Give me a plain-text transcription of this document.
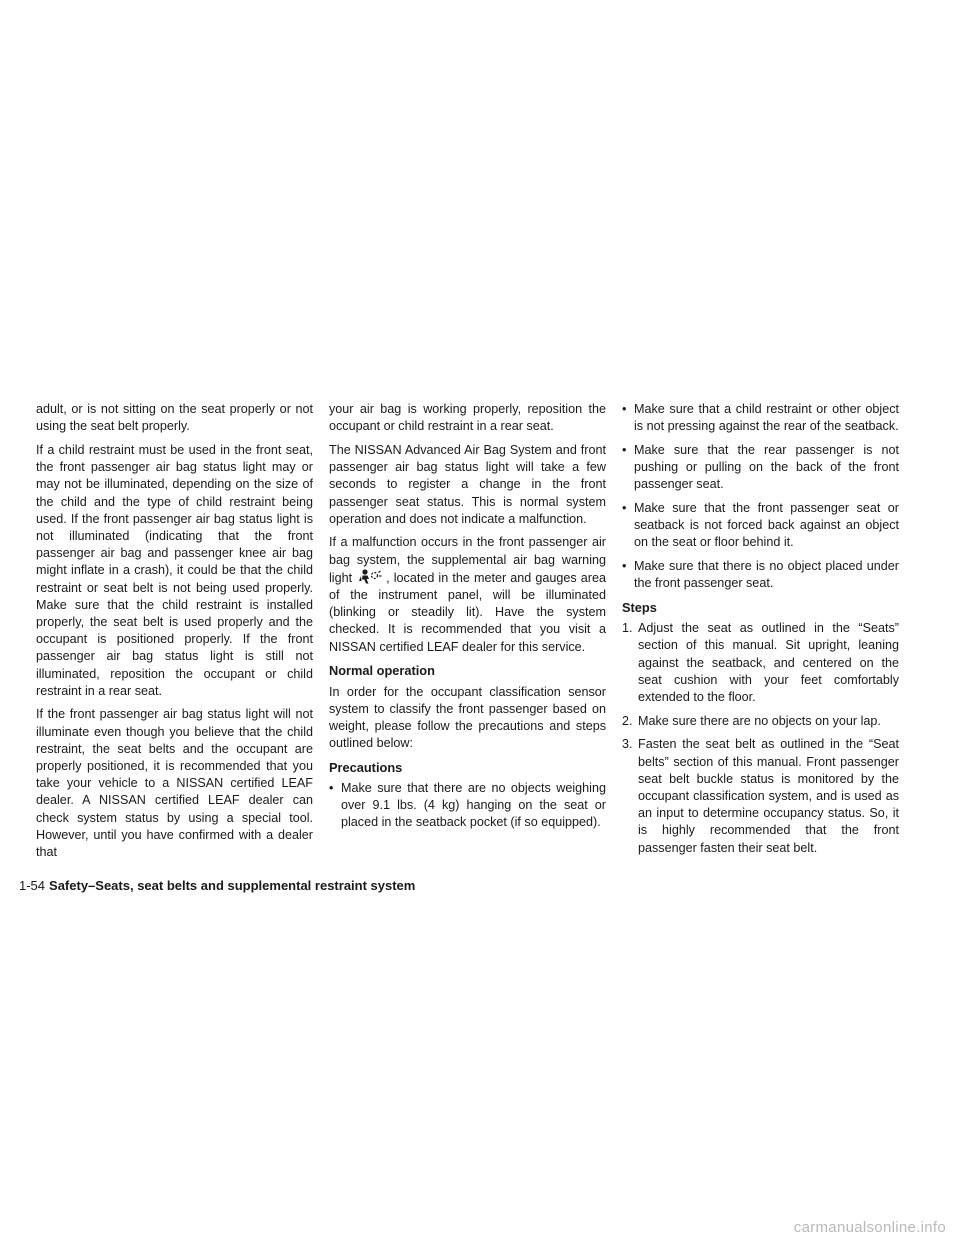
adult, or is not sitting on the seat properly or not using the seat belt properly.

If a child restraint must be used in the front seat, the front passenger air bag status light may or may not be illuminated, depending on the size of the child and the type of child restraint being used. If the front passenger air bag status light is not illuminated (indicating that the front passenger air bag and passenger knee air bag might inflate in a crash), it could be that the child restraint or seat belt is not being used properly. Make sure that the child restraint is installed properly, the seat belt is used properly and the occupant is positioned properly. If the front passenger air bag status light is still not illuminated, reposition the occupant or child restraint in a rear seat.

If the front passenger air bag status light will not illuminate even though you believe that the child restraint, the seat belts and the occupant are properly positioned, it is recommended that you take your vehicle to a NISSAN certified LEAF dealer. A NISSAN certified LEAF dealer can check system status by using a special tool. However, until you have confirmed with a dealer that

your air bag is working properly, reposition the occupant or child restraint in a rear seat.

The NISSAN Advanced Air Bag System and front passenger air bag status light will take a few seconds to register a change in the front passenger seat status. This is normal system operation and does not indicate a malfunction.

If a malfunction occurs in the front passenger air bag system, the supplemental air bag warning light	, located in the meter and gauges area of the instrument panel, will be illuminated (blinking or steadily lit). Have the system checked. It is recommended that you visit a NISSAN certified LEAF dealer for this service.

Normal operation

In order for the occupant classification sensor system to classify the front passenger based on weight, please follow the precautions and steps outlined below:

Precautions
• Make sure that there are no objects weighing over 9.1 lbs. (4 kg) hanging on the seat or placed in the seatback pocket (if so equipped).
• Make sure that a child restraint or other object is not pressing against the rear of the seatback.
• Make sure that the rear passenger is not pushing or pulling on the back of the front passenger seat.
• Make sure that the front passenger seat or seatback is not forced back against an object on the seat or floor behind it.
• Make sure that there is no object placed under the front passenger seat.
Steps
1. Adjust the seat as outlined in the “Seats” section of this manual. Sit upright, leaning against the seatback, and centered on the seat cushion with your feet comfortably extended to the floor.
2. Make sure there are no objects on your lap.
3. Fasten the seat belt as outlined in the “Seat belts” section of this manual. Front passenger seat belt buckle status is monitored by the occupant classification system, and is used as an input to determine occupancy status. So, it is highly recommended that the front passenger fasten their seat belt.
1-54 Safety–Seats, seat belts and supplemental restraint system
carmanualsonline.info
